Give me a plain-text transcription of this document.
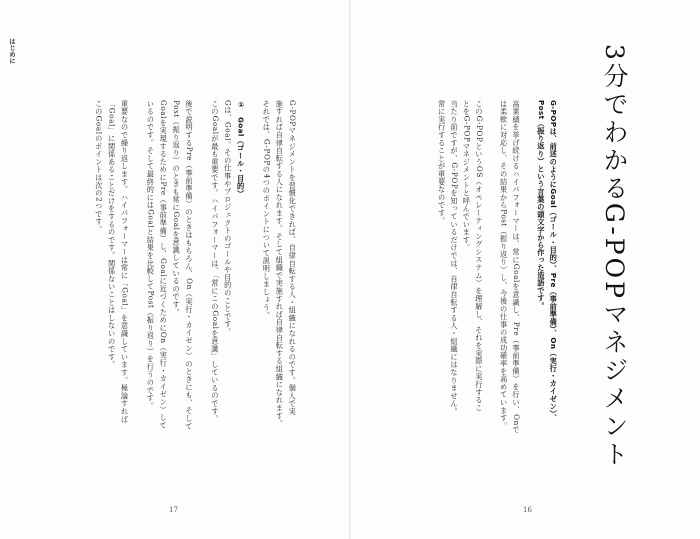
はじめに	3分でわかるG-POPマネジメント
G-POPは、前述のようにGoal（ゴール・目的）、Pre（事前準備）、On（実行・カイゼン）、
Post（振り返り）という言葉の頭文字から作った造語です。
高業績を挙げ続けるハイパフォーマーは、常にGoalを意識し、Pre（事前準備）を行い、Onで
は柔軟に対応し、その結果からPost（振り返り）し、今後の仕事の成功確率を高めています。
このG-POPというOS（オペレーティングシステム）を理解し、それを実際に実行するこ
とをG-POPマネジメントと呼んでいます。
当たり前ですが、G-POPを知っているだけでは、自律自転する人・組織にはなりません。
常に実行することが重要なのです。
G-POPマネジメントを習慣化できれば、自律自転する人・組織になれるのです。個人で実
施すれば自律自転する人になれます。そして組織で実施すれば自律自転する組織になれます。
それでは、G-POPの4つのポイントについて説明しましょう。
①　Goal（ゴール・目的）
Gは、Goal。その仕事やプロジェクトのゴールや目的のことです。
このGoalが最も重要です。ハイパフォーマーは、「常にこのGoalを意識」しているのです。
後で説明するPre（事前準備）のときはもちろん、On（実行・カイゼン）のときにも、そして
Post（振り返り）のときも常にGoalを意識しているのです。
Goalを実現するためにPre（事前準備）し、Goalに近づくためにOn（実行・カイゼン）して
いるのです。そして最終的にはGoalと結果を比較してPost（振り返り）を行うのです。
重要なので繰り返します。ハイパフォーマーは常に「Goal」を意識しています。極論すれば
「Goal」に関係あることだけをするのです。関係ないことはしないのです。
このGoalのポイントは次の2つです。
17	16
